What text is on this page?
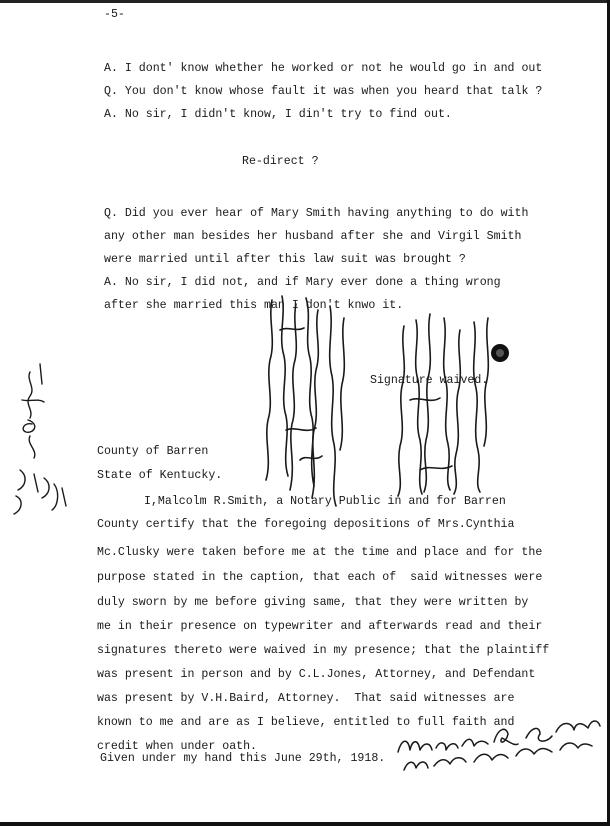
-5-
A. I dont' know whether he worked or not he would go in and out
Q. You don't know whose fault it was when you heard that talk ?
A. No sir, I didn't know, I din't try to find out.
Re-direct ?
Q. Did you ever hear of Mary Smith having anything to do with
any other man besides her husband after she and Virgil Smith
were married until after this law suit was brought ?
A. No sir, I did not, and if Mary ever done a thing wrong
after she married this man I don't knwo it.
Signature waived.
County of Barren
State of Kentucky.
I,Malcolm R.Smith, a Notary Public in and for Barren
County certify that the foregoing depositions of Mrs.Cynthia
Mc.Clusky were taken before me at the time and place and for the
purpose stated in the caption, that each of  said witnesses were
duly sworn by me before giving same, that they were written by
me in their presence on typewriter and afterwards read and their
signatures thereto were waived in my presence; that the plaintiff
was present in person and by C.L.Jones, Attorney, and Defendant
was present by V.H.Baird, Attorney.  That said witnesses are
known to me and are as I believe, entitled to full faith and
credit when under oath.
Given under my hand this June 29th, 1918.
